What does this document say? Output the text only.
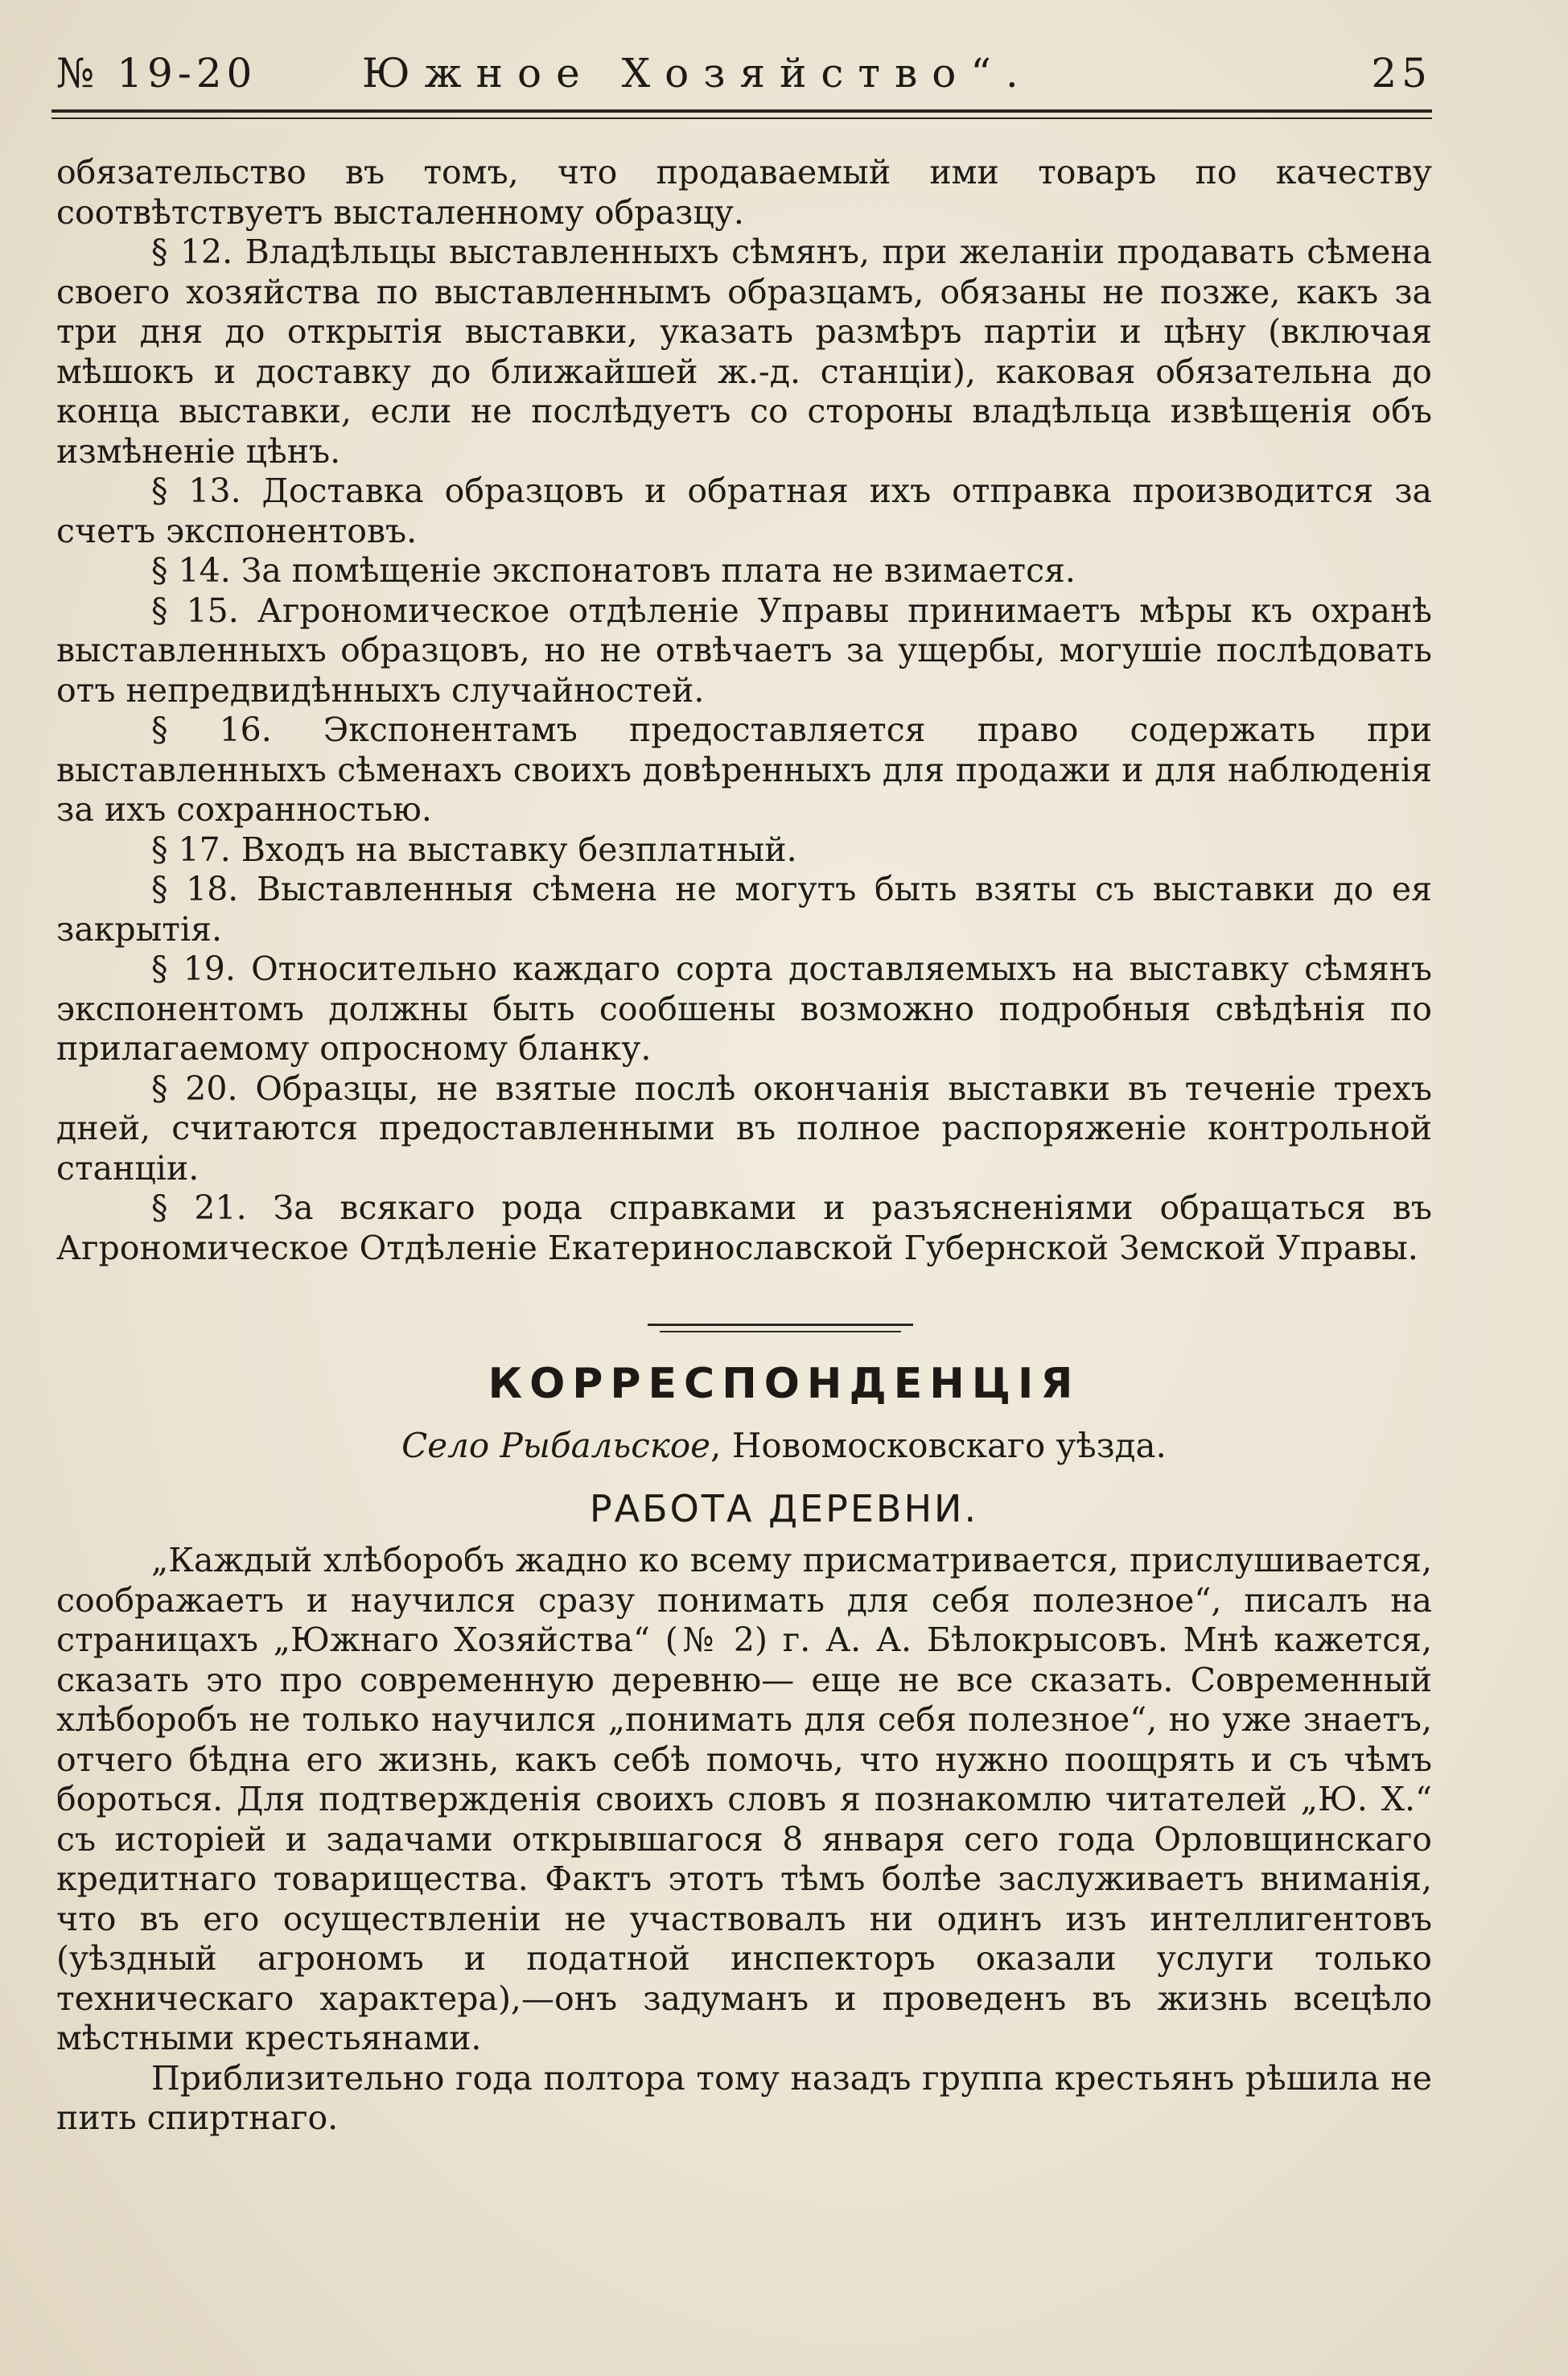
№ 19-20	Южное Хозяйство“.	25

обязательство въ томъ, что продаваемый ими товаръ по качеству соотвѣтствуетъ высталенному образцу.

§ 12. Владѣльцы выставленныхъ сѣмянъ, при желаніи продавать сѣмена своего хозяйства по выставленнымъ образцамъ, обязаны не позже, какъ за три дня до открытія выставки, указать размѣръ партіи и цѣну (включая мѣшокъ и доставку до ближайшей ж.-д. станціи), каковая обязательна до конца выставки, если не послѣдуетъ со стороны владѣльца извѣщенія объ измѣненіе цѣнъ.

§ 13. Доставка образцовъ и обратная ихъ отправка производится за счетъ экспонентовъ.

§ 14. За помѣщеніе экспонатовъ плата не взимается.

§ 15. Агрономическое отдѣленіе Управы принимаетъ мѣры къ охранѣ выставленныхъ образцовъ, но не отвѣчаетъ за ущербы, могушіе послѣдовать отъ непредвидѣнныхъ случайностей.

§ 16. Экспонентамъ предоставляется право содержать при выставленныхъ сѣменахъ своихъ довѣренныхъ для продажи и для наблюденія за ихъ сохранностью.

§ 17. Входъ на выставку безплатный.

§ 18. Выставленныя сѣмена не могутъ быть взяты съ выставки до ея закрытія.

§ 19. Относительно каждаго сорта доставляемыхъ на выставку сѣмянъ экспонентомъ должны быть сообшены возможно подробныя свѣдѣнія по прилагаемому опросному бланку.

§ 20. Образцы, не взятые послѣ окончанія выставки въ теченіе трехъ дней, считаются предоставленными въ полное распоряженіе контрольной станціи.

§ 21. За всякаго рода справками и разъясненіями обращаться въ Агрономическое Отдѣленіе Екатеринославской Губернской Земской Управы.

КОРРЕСПОНДЕНЦІЯ
Село Рыбальское, Новомосковскаго уѣзда.
РАБОТА ДЕРЕВНИ.

„Каждый хлѣборобъ жадно ко всему присматривается, прислушивается, соображаетъ и научился сразу понимать для себя полезное“, писалъ на страницахъ „Южнаго Хозяйства“ (№ 2) г. А. А. Бѣлокрысовъ. Мнѣ кажется, сказать это про современную деревню— еще не все сказать. Современный хлѣборобъ не только научился „понимать для себя полезное“, но уже знаетъ, отчего бѣдна его жизнь, какъ себѣ помочь, что нужно поощрять и съ чѣмъ бороться. Для подтвержденія своихъ словъ я познакомлю читателей „Ю. Х.“ съ исторіей и задачами открывшагося 8 января сего года Орловщинскаго кредитнаго товарищества. Фактъ этотъ тѣмъ болѣе заслуживаетъ вниманія, что въ его осуществленіи не участвовалъ ни одинъ изъ интеллигентовъ (уѣздный агрономъ и податной инспекторъ оказали услуги только техническаго характера),—онъ задуманъ и проведенъ въ жизнь всецѣло мѣстными крестьянами.

Приблизительно года полтора тому назадъ группа крестьянъ рѣшила не пить спиртнаго.
